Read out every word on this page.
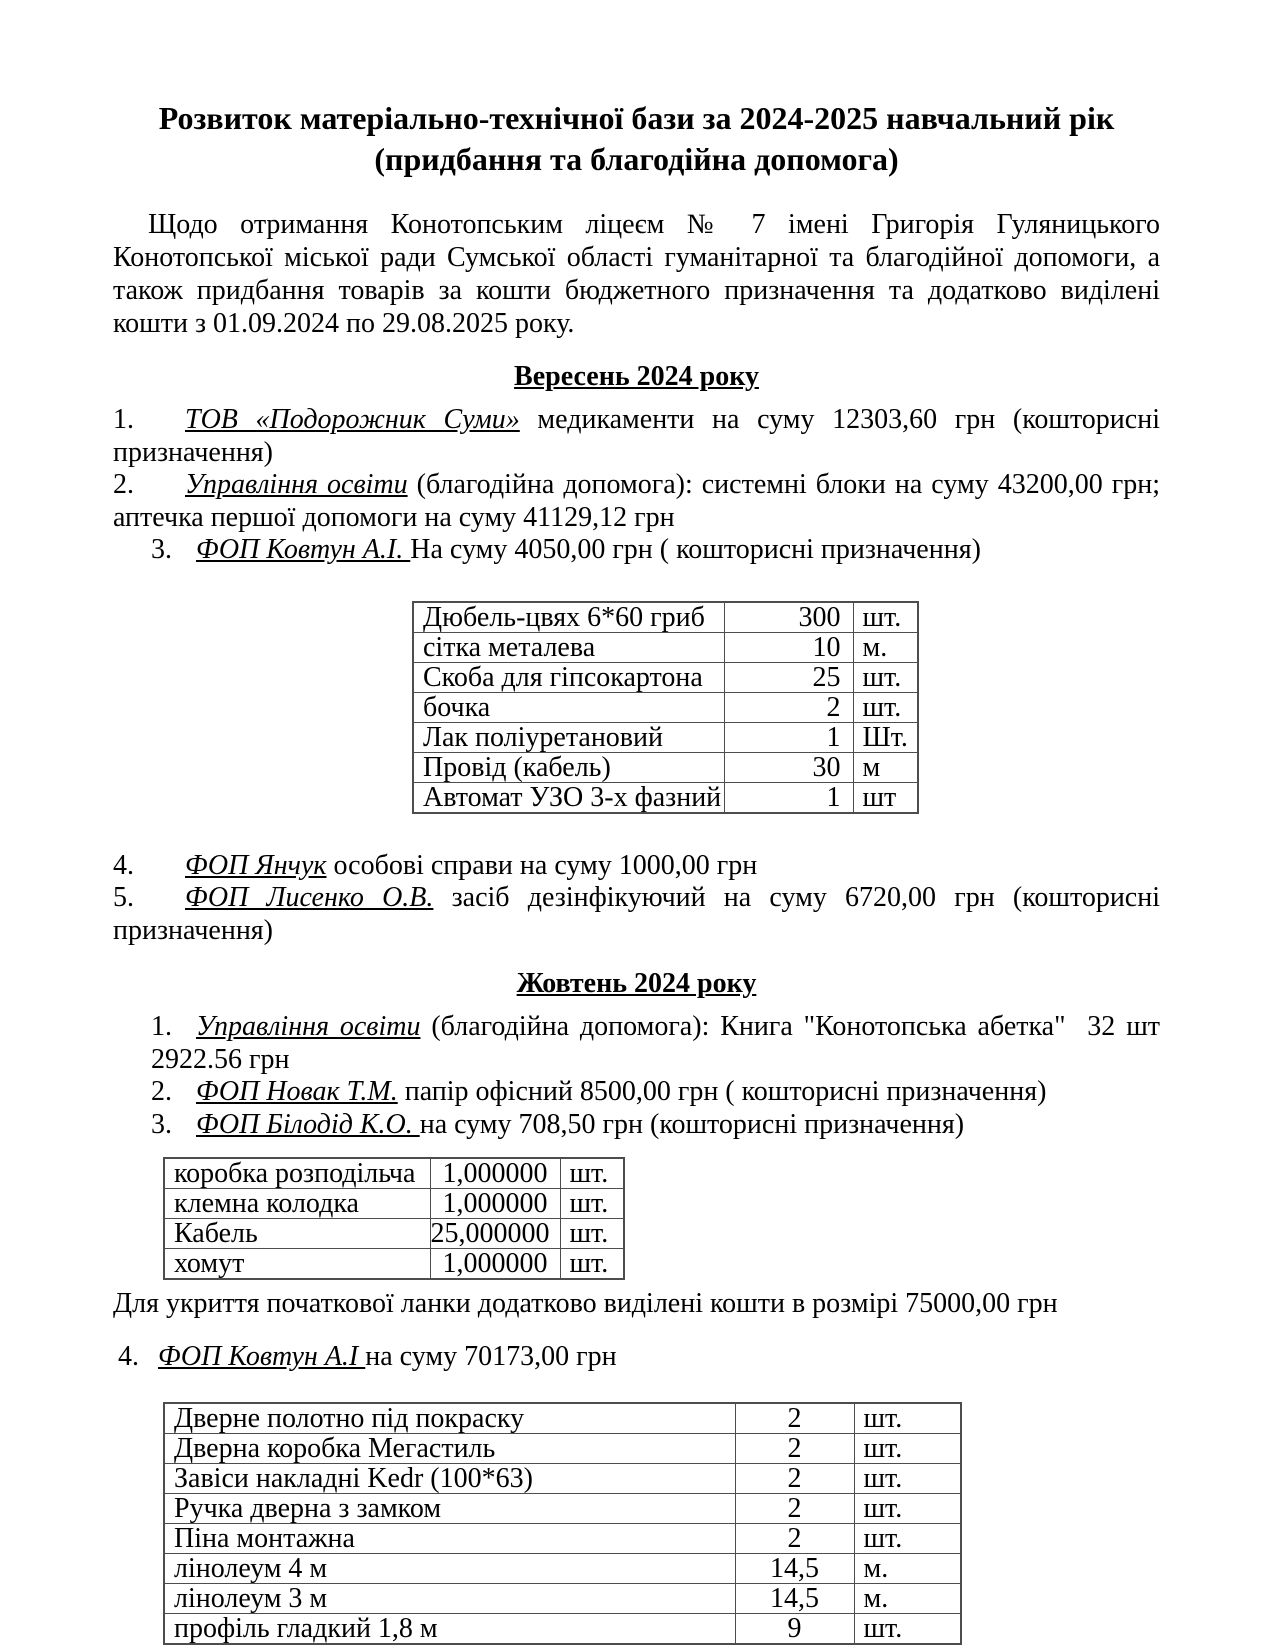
Розвиток матеріально-технічної бази за 2024-2025 навчальний рік
(придбання та благодійна допомога)
Щодо отримання Конотопським ліцеєм № 7 імені Григорія Гуляницького Конотопської міської ради Сумської області гуманітарної та благодійної допомоги, а також придбання товарів за кошти бюджетного призначення та додатково виділені кошти з 01.09.2024 по 29.08.2025 року.
Вересень 2024 року
1. ТОВ «Подорожник Суми» медикаменти на суму 12303,60 грн (кошторисні призначення)
2. Управління освіти (благодійна допомога): системні блоки на суму 43200,00 грн; аптечка першої допомоги на суму 41129,12 грн
3. ФОП Ковтун А.І. На суму 4050,00 грн ( кошторисні призначення)
Дюбель-цвях 6*60 гриб	300	шт.
сітка металева	10	м.
Скоба для гіпсокартона	25	шт.
бочка	2	шт.
Лак поліуретановий	1	Шт.
Провід (кабель)	30	м
Автомат УЗО 3-х фазний	1	шт
4. ФОП Янчук особові справи на суму 1000,00 грн
5. ФОП Лисенко О.В. засіб дезінфікуючий на суму 6720,00 грн (кошторисні призначення)
Жовтень 2024 року
1. Управління освіти (благодійна допомога): Книга "Конотопська абетка"  32 шт 2922.56 грн
2. ФОП Новак Т.М. папір офісний 8500,00 грн ( кошторисні призначення)
3. ФОП Білодід К.О. на суму 708,50 грн (кошторисні призначення)
коробка розподільча	1,000000	шт.
клемна колодка	1,000000	шт.
Кабель	25,000000	шт.
хомут	1,000000	шт.
Для укриття початкової ланки додатково виділені кошти в розмірі 75000,00 грн
4. ФОП Ковтун А.І на суму 70173,00 грн
Дверне полотно під покраску	2	шт.
Дверна коробка Мегастиль	2	шт.
Завіси накладні Kedr (100*63)	2	шт.
Ручка дверна з замком	2	шт.
Піна монтажна	2	шт.
лінолеум 4 м	14,5	м.
лінолеум 3 м	14,5	м.
профіль гладкий 1,8 м	9	шт.
